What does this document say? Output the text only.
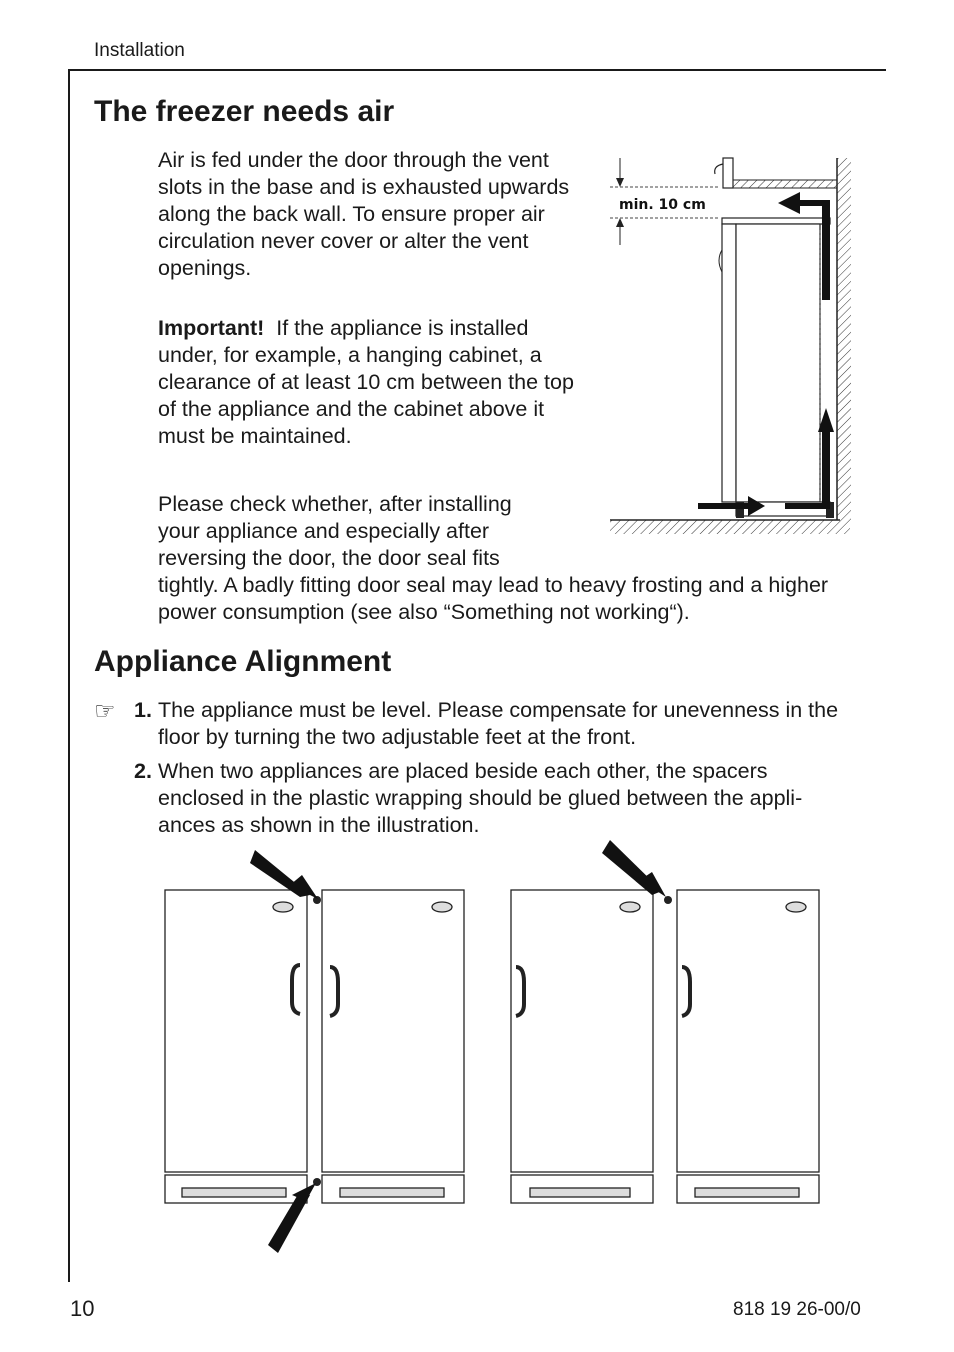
Installation
The freezer needs air

Air is fed under the door through the vent slots in the base and is exhausted upwards along the back wall. To ensure proper air circulation never cover or alter the vent openings.

Important! If the appliance is installed under, for example, a hanging cabinet, a clearance of at least 10 cm between the top of the appliance and the cabinet above it must be maintained.

Please check whether, after installing your appliance and especially after reversing the door, the door seal fits

tightly. A badly fitting door seal may lead to heavy frosting and a higher power consumption (see also “Something not working“).

min. 10 cm
Appliance Alignment
☞ 1. The appliance must be level. Please compensate for unevenness in the floor by turning the two adjustable feet at the front.
2. When two appliances are placed beside each other, the spacers enclosed in the plastic wrapping should be glued between the appli-ances as shown in the illustration.
10	818 19 26-00/0
